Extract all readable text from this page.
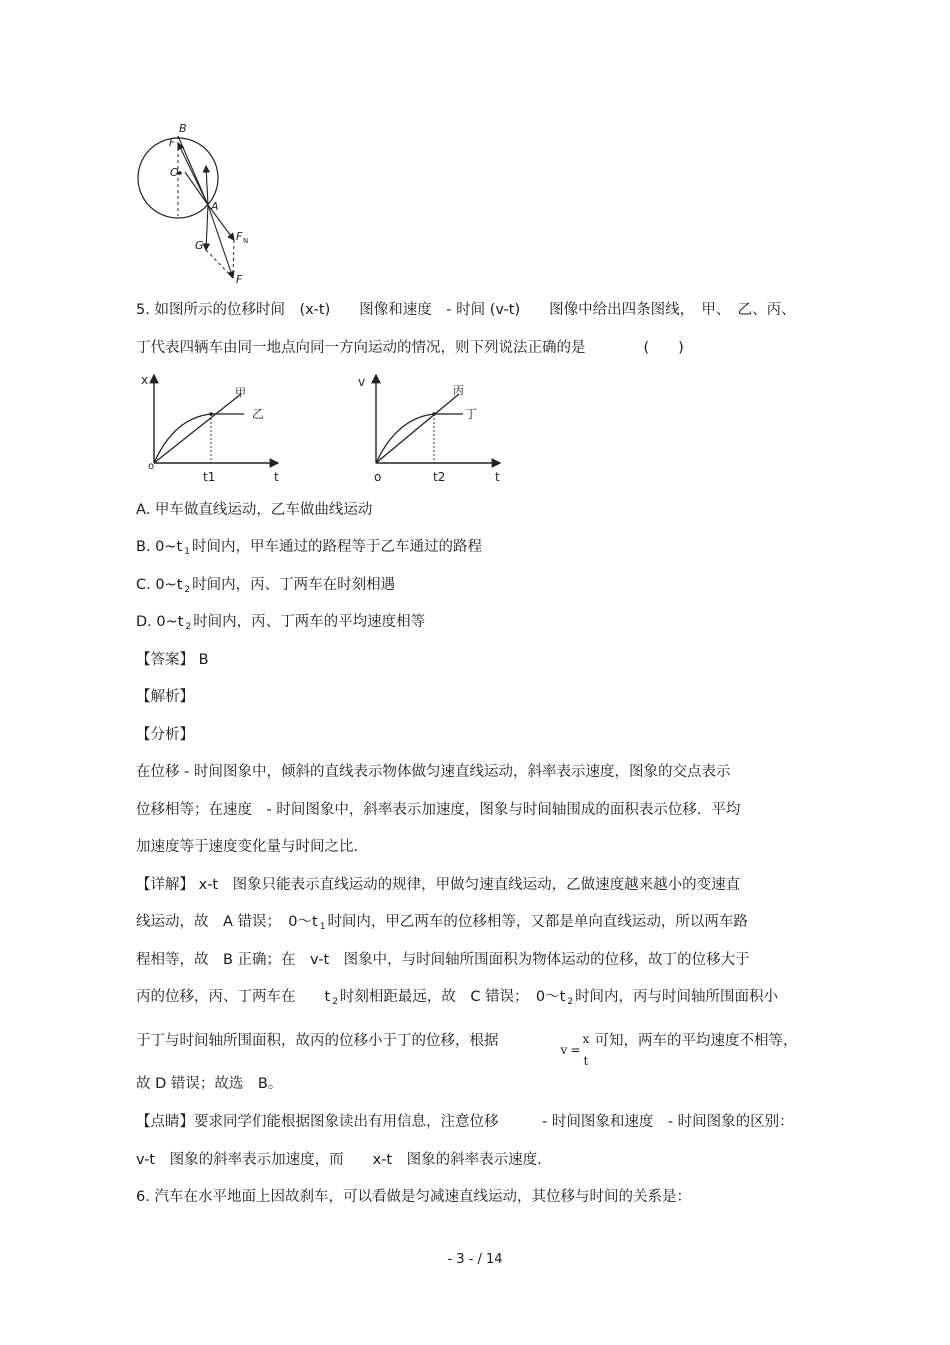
B
F
O
A
G
F N
F
5. 如图所示的位移时间　(x-t)　　图像和速度　- 时间 (v-t)　　图像中给出四条图线，　甲、　乙、丙、
丁代表四辆车由同一地点向同一方向运动的情况，则下列说法正确的是　　　　(　　)
x
t
o
t1
甲
乙
v
t
o	t2
丙
丁
A. 甲车做直线运动，乙车做曲线运动
B. 0~t $_1$ 时间内，甲车通过的路程等于乙车通过的路程
C. 0~t $_2$ 时间内，丙、丁两车在时刻相遇
D. 0~t $_2$ 时间内，丙、丁两车的平均速度相等
【答案】 B
【解析】
【分析】
在位移 - 时间图象中，倾斜的直线表示物体做匀速直线运动，斜率表示速度，图象的交点表示
位移相等；在速度　- 时间图象中，斜率表示加速度，图象与时间轴围成的面积表示位移．平均
加速度等于速度变化量与时间之比.
【详解】 x-t　图象只能表示直线运动的规律，甲做匀速直线运动，乙做速度越来越小的变速直
线运动，故　A 错误；　0～t $_1$ 时间内，甲乙两车的位移相等，又都是单向直线运动，所以两车路
程相等，故　B 正确；在　v-t　图象中，与时间轴所围面积为物体运动的位移，故丁的位移大于
丙的位移，丙、丁两车在　　t $_2$ 时刻相距最远，故　C 错误；　0～t $_2$ 时间内，丙与时间轴所围面积小
于丁与时间轴所围面积，故丙的位移小于丁的位移，根据
v =
x
t
可知，两车的平均速度不相等，
故 D 错误；故选　B。
【点睛】要求同学们能根据图象读出有用信息，注意位移　　　- 时间图象和速度　- 时间图象的区别：
v-t　图象的斜率表示加速度，而　　x-t　图象的斜率表示速度.
6. 汽车在水平地面上因故刹车，可以看做是匀减速直线运动，其位移与时间的关系是：
- 3 - / 14
